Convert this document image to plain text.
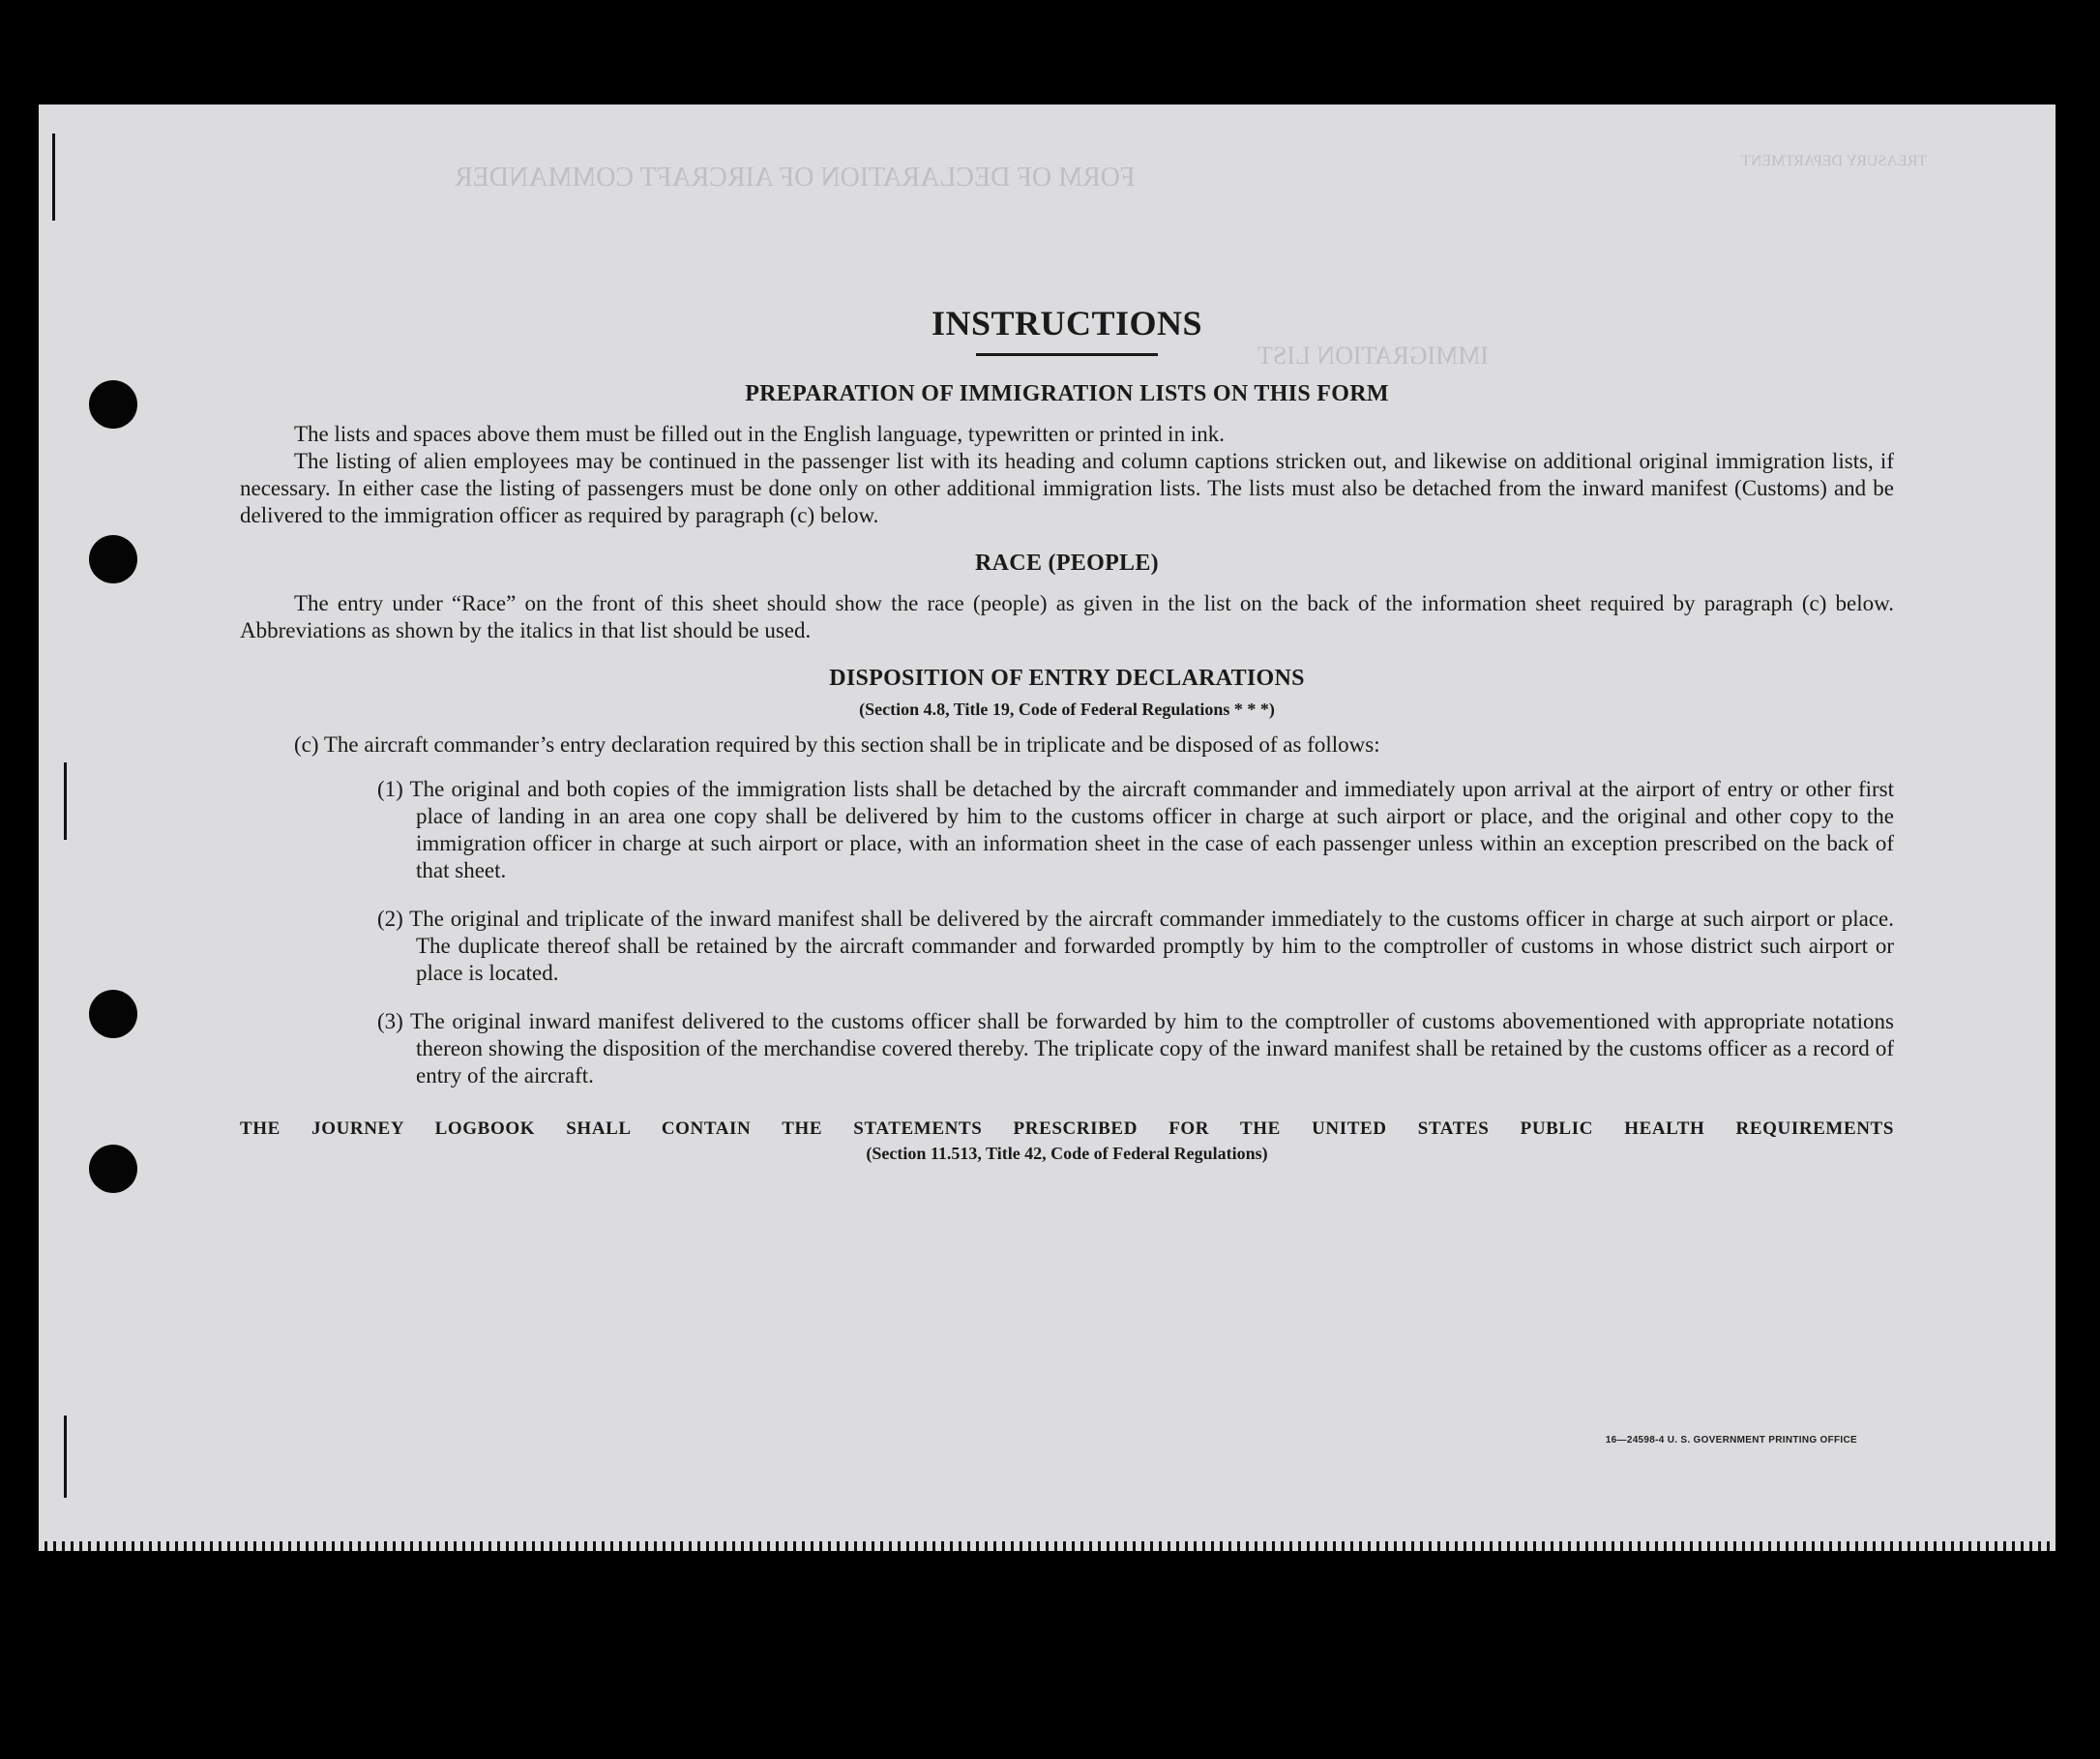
FORM OF DECLARATION OF AIRCRAFT COMMANDER
TREASURY DEPARTMENT
IMMIGRATION LIST
INSTRUCTIONS
PREPARATION OF IMMIGRATION LISTS ON THIS FORM

The lists and spaces above them must be filled out in the English language, typewritten or printed in ink.

The listing of alien employees may be continued in the passenger list with its heading and column captions stricken out, and likewise on additional original immigration lists, if necessary. In either case the listing of passengers must be done only on other additional immigration lists. The lists must also be detached from the inward manifest (Customs) and be delivered to the immigration officer as required by paragraph (c) below.

RACE (PEOPLE)

The entry under “Race” on the front of this sheet should show the race (people) as given in the list on the back of the information sheet required by paragraph (c) below. Abbreviations as shown by the italics in that list should be used.

DISPOSITION OF ENTRY DECLARATIONS

(Section 4.8, Title 19, Code of Federal Regulations * * *)

(c) The aircraft commander’s entry declaration required by this section shall be in triplicate and be disposed of as follows:

(1) The original and both copies of the immigration lists shall be detached by the aircraft commander and immediately upon arrival at the airport of entry or other first place of landing in an area one copy shall be delivered by him to the customs officer in charge at such airport or place, and the original and other copy to the immigration officer in charge at such airport or place, with an information sheet in the case of each passenger unless within an exception prescribed on the back of that sheet.

(2) The original and triplicate of the inward manifest shall be delivered by the aircraft commander immediately to the customs officer in charge at such airport or place. The duplicate thereof shall be retained by the aircraft commander and forwarded promptly by him to the comptroller of customs in whose district such airport or place is located.

(3) The original inward manifest delivered to the customs officer shall be forwarded by him to the comptroller of customs abovementioned with appropriate notations thereon showing the disposition of the merchandise covered thereby. The triplicate copy of the inward manifest shall be retained by the customs officer as a record of entry of the aircraft.

THE JOURNEY LOGBOOK SHALL CONTAIN THE STATEMENTS PRESCRIBED FOR THE UNITED STATES PUBLIC HEALTH REQUIREMENTS

(Section 11.513, Title 42, Code of Federal Regulations)

16—24598-4 U. S. GOVERNMENT PRINTING OFFICE
